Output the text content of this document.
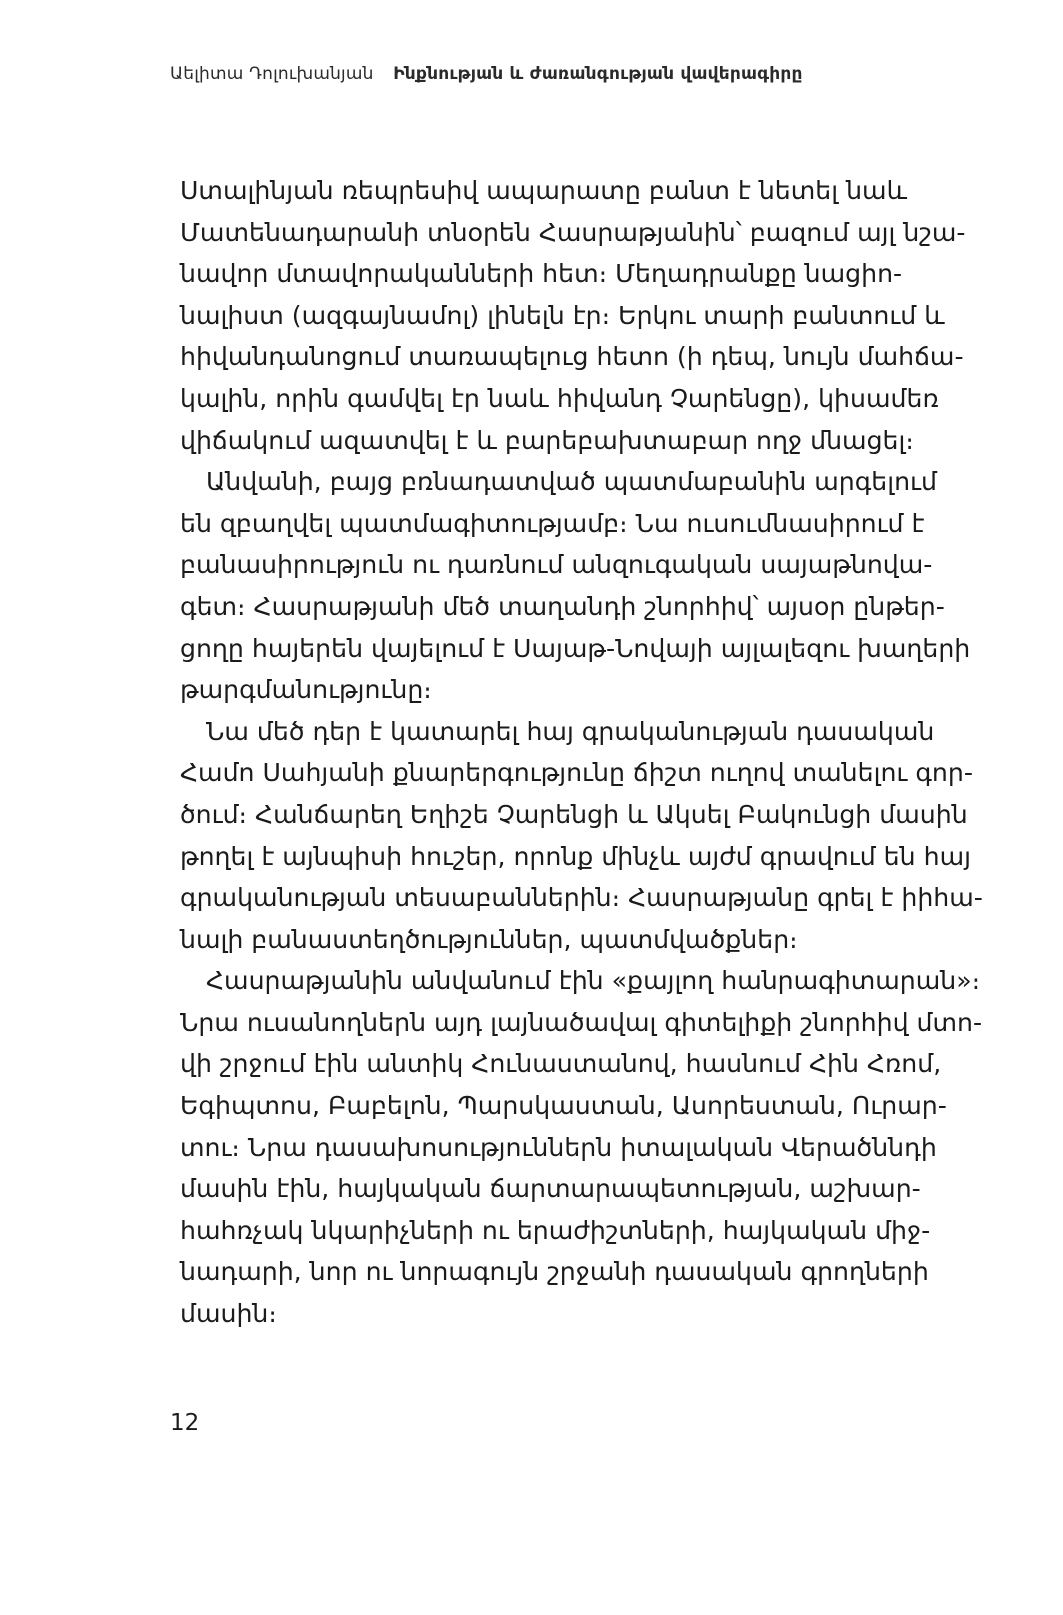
Աելիտա Դոլուխանյան Ինքնության և ժառանգության վավերագիրը
Ստալինյան ռեպրեսիվ ապարատը բանտ է նետել նաև
Մատենադարանի տնօրեն Հասրաթյանին՝ բազում այլ նշա-
նավոր մտավորականների հետ։ Մեղադրանքը նացիո-
նալիստ (ազգայնամոլ) լինելն էր։ Երկու տարի բանտում և
հիվանդանոցում տառապելուց հետո (ի դեպ, նույն մահճա-
կալին, որին գամվել էր նաև հիվանդ Չարենցը), կիսամեռ
վիճակում ազատվել է և բարեբախտաբար ողջ մնացել։
Անվանի, բայց բռնադատված պատմաբանին արգելում
են զբաղվել պատմագիտությամբ։ Նա ուսումնասիրում է
բանասիրություն ու դառնում անզուգական սայաթնովա-
գետ։ Հասրաթյանի մեծ տաղանդի շնորհիվ՝ այսօր ընթեր-
ցողը հայերեն վայելում է Սայաթ-Նովայի այլալեզու խաղերի
թարգմանությունը։
Նա մեծ դեր է կատարել հայ գրականության դասական
Համո Սահյանի քնարերգությունը ճիշտ ուղով տանելու գոր-
ծում։ Հանճարեղ Եղիշե Չարենցի և Ակսել Բակունցի մասին
թողել է այնպիսի հուշեր, որոնք մինչև այժմ գրավում են հայ
գրականության տեսաբաններին։ Հասրաթյանը գրել է իիհա-
նալի բանաստեղծություններ, պատմվածքներ։
Հասրաթյանին անվանում էին «քայլող հանրագիտարան»։
Նրա ուսանողներն այդ լայնածավալ գիտելիքի շնորհիվ մտո-
վի շրջում էին անտիկ Հունաստանով, հասնում Հին Հռոմ,
Եգիպտոս, Բաբելոն, Պարսկաստան, Ասորեստան, Ուրար-
տու։ Նրա դասախոսություններն իտալական Վերածննդի
մասին էին, հայկական ճարտարապետության, աշխար-
հահռչակ նկարիչների ու երաժիշտների, հայկական միջ-
նադարի, նոր ու նորագույն շրջանի դասական գրողների
մասին։
12
